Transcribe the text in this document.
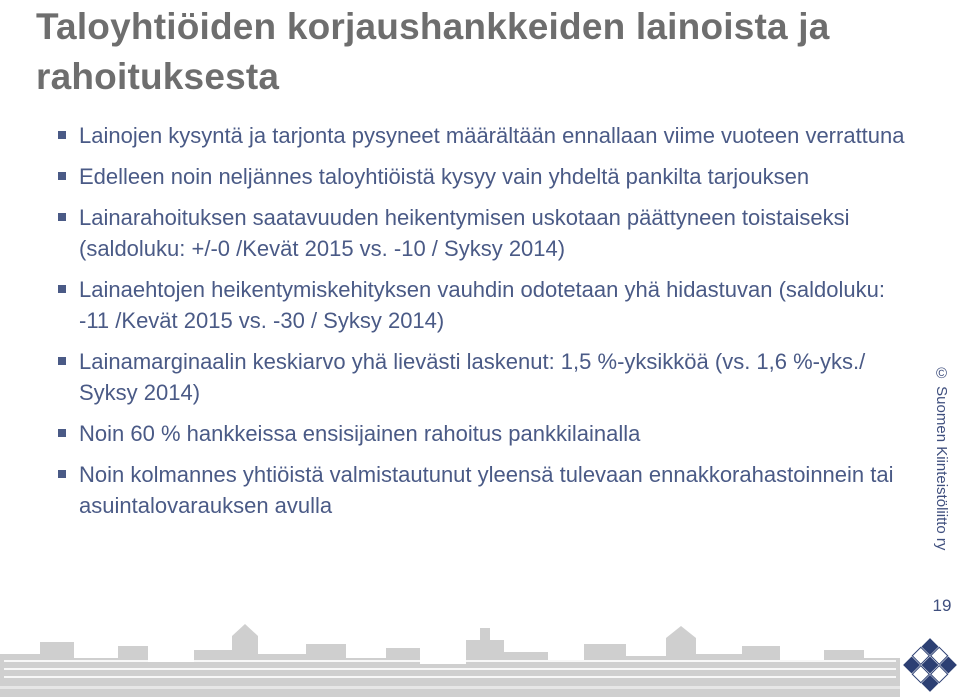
Taloyhtiöiden korjaushankkeiden lainoista ja rahoituksesta
Lainojen kysyntä ja tarjonta pysyneet määrältään ennallaan viime vuoteen verrattuna
Edelleen noin neljännes taloyhtiöistä kysyy vain yhdeltä pankilta tarjouksen
Lainarahoituksen saatavuuden heikentymisen uskotaan päättyneen toistaiseksi (saldoluku: +/-0 /Kevät 2015 vs. -10 / Syksy 2014)
Lainaehtojen heikentymiskehityksen vauhdin odotetaan yhä hidastuvan (saldoluku: -11 /Kevät 2015 vs. -30 / Syksy 2014)
Lainamarginaalin keskiarvo yhä lievästi laskenut: 1,5 %-yksikköä (vs. 1,6 %-yks./ Syksy 2014)
Noin 60 % hankkeissa ensisijainen rahoitus pankkilainalla
Noin kolmannes yhtiöistä valmistautunut yleensä tulevaan ennakkorahastoinnein tai asuintalovarauksen avulla	© Suomen Kiinteistöliitto ry
19
